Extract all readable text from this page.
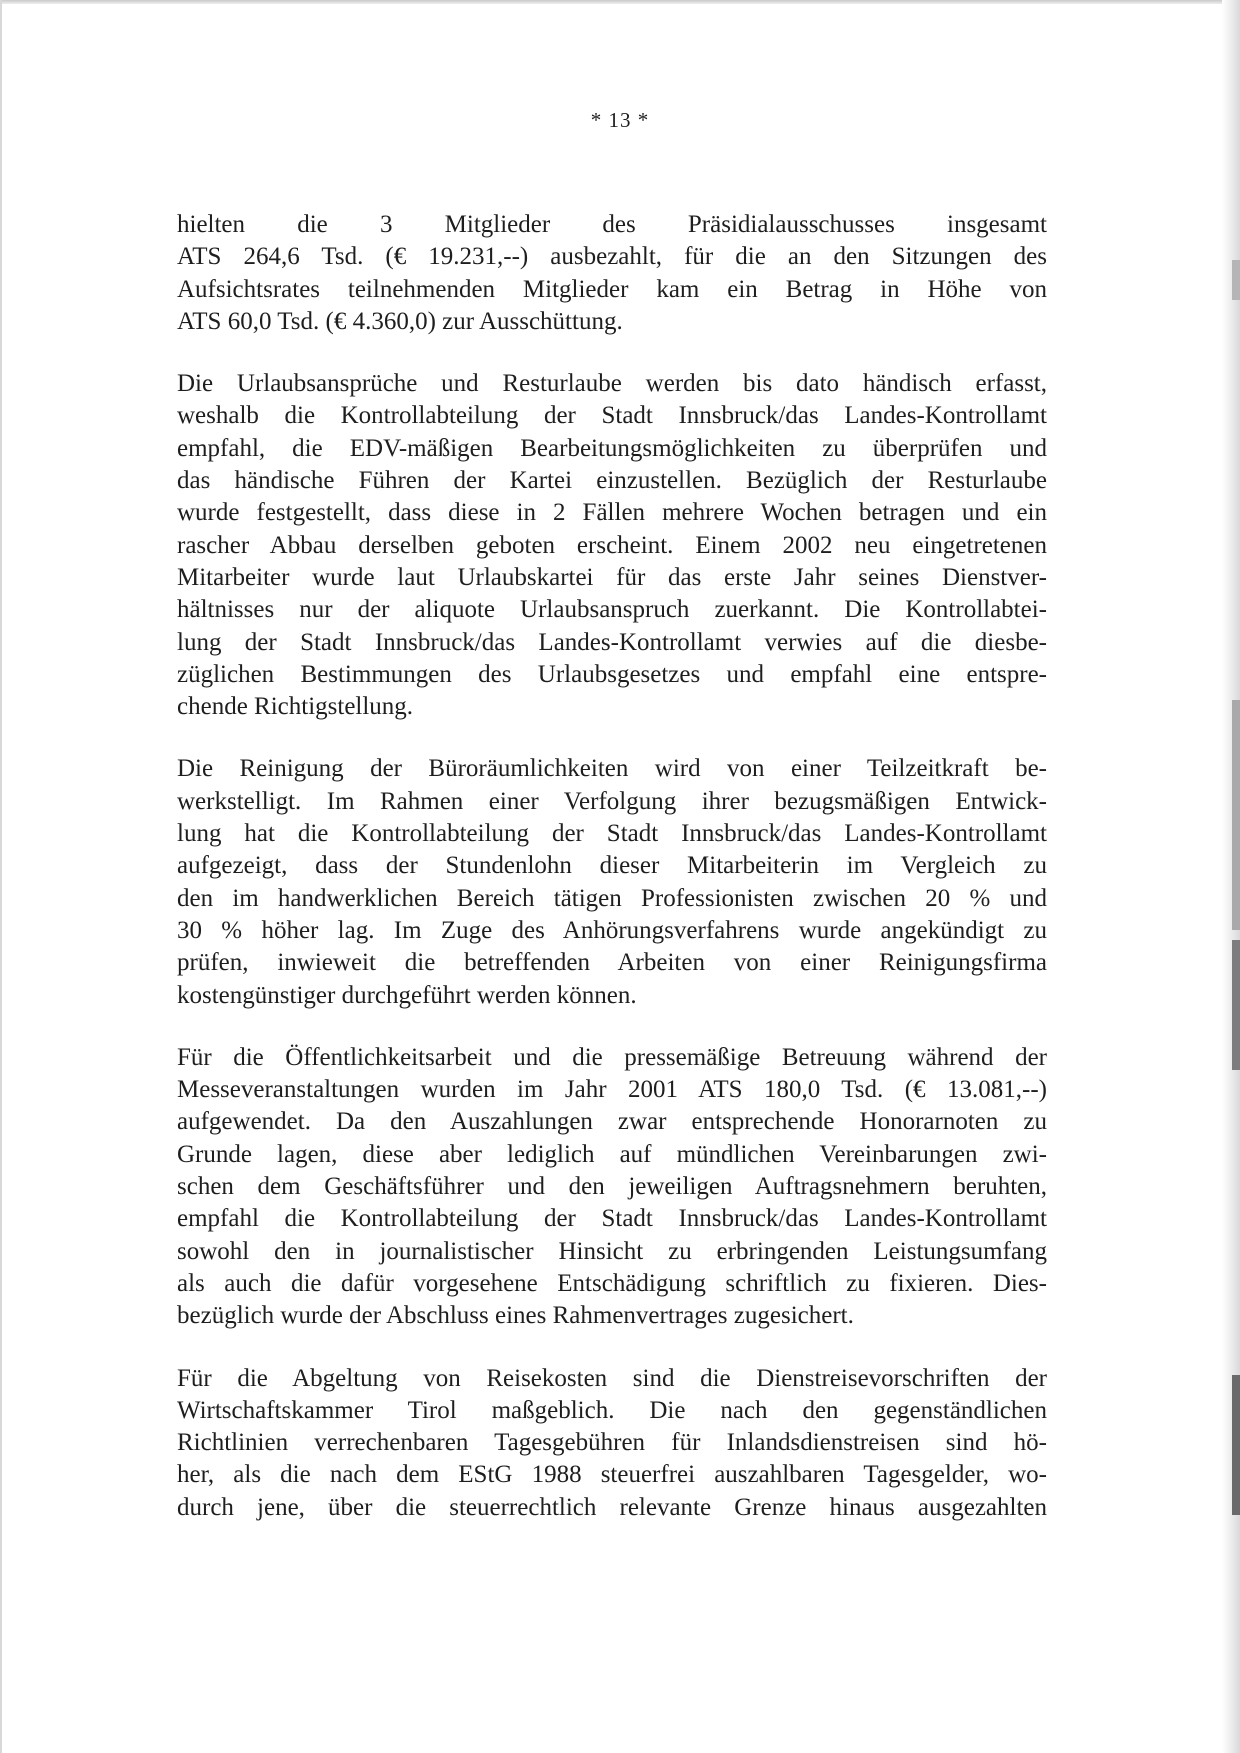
* 13 *

hielten die 3 Mitglieder des Präsidialausschusses insgesamt
ATS 264,6 Tsd. (€ 19.231,--) ausbezahlt, für die an den Sitzungen des
Aufsichtsrates teilnehmenden Mitglieder kam ein Betrag in Höhe von
ATS 60,0 Tsd. (€ 4.360,0) zur Ausschüttung.

Die Urlaubsansprüche und Resturlaube werden bis dato händisch erfasst,
weshalb die Kontrollabteilung der Stadt Innsbruck/das Landes-Kontrollamt
empfahl, die EDV-mäßigen Bearbeitungsmöglichkeiten zu überprüfen und
das händische Führen der Kartei einzustellen. Bezüglich der Resturlaube
wurde festgestellt, dass diese in 2 Fällen mehrere Wochen betragen und ein
rascher Abbau derselben geboten erscheint. Einem 2002 neu eingetretenen
Mitarbeiter wurde laut Urlaubskartei für das erste Jahr seines Dienstver-
hältnisses nur der aliquote Urlaubsanspruch zuerkannt. Die Kontrollabtei-
lung der Stadt Innsbruck/das Landes-Kontrollamt verwies auf die diesbe-
züglichen Bestimmungen des Urlaubsgesetzes und empfahl eine entspre-
chende Richtigstellung.

Die Reinigung der Büroräumlichkeiten wird von einer Teilzeitkraft be-
werkstelligt. Im Rahmen einer Verfolgung ihrer bezugsmäßigen Entwick-
lung hat die Kontrollabteilung der Stadt Innsbruck/das Landes-Kontrollamt
aufgezeigt, dass der Stundenlohn dieser Mitarbeiterin im Vergleich zu
den im handwerklichen Bereich tätigen Professionisten zwischen 20 % und
30 % höher lag. Im Zuge des Anhörungsverfahrens wurde angekündigt zu
prüfen, inwieweit die betreffenden Arbeiten von einer Reinigungsfirma
kostengünstiger durchgeführt werden können.

Für die Öffentlichkeitsarbeit und die pressemäßige Betreuung während der
Messeveranstaltungen wurden im Jahr 2001 ATS 180,0 Tsd. (€ 13.081,--)
aufgewendet. Da den Auszahlungen zwar entsprechende Honorarnoten zu
Grunde lagen, diese aber lediglich auf mündlichen Vereinbarungen zwi-
schen dem Geschäftsführer und den jeweiligen Auftragsnehmern beruhten,
empfahl die Kontrollabteilung der Stadt Innsbruck/das Landes-Kontrollamt
sowohl den in journalistischer Hinsicht zu erbringenden Leistungsumfang
als auch die dafür vorgesehene Entschädigung schriftlich zu fixieren. Dies-
bezüglich wurde der Abschluss eines Rahmenvertrages zugesichert.

Für die Abgeltung von Reisekosten sind die Dienstreisevorschriften der
Wirtschaftskammer Tirol maßgeblich. Die nach den gegenständlichen
Richtlinien verrechenbaren Tagesgebühren für Inlandsdienstreisen sind hö-
her, als die nach dem EStG 1988 steuerfrei auszahlbaren Tagesgelder, wo-
durch jene, über die steuerrechtlich relevante Grenze hinaus ausgezahlten
